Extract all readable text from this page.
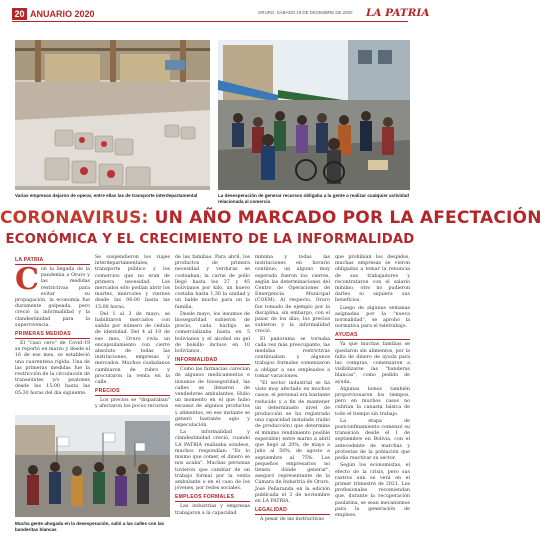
20 ANUARIO 2020	ORURO, SÁBADO 19 DE DICIEMBRE DE 2020 LA PATRIA
Varias empresas dejaron de operar, entre ellas las de transporte interdepartamental	La desesperación de generar recursos obligaba a la gente a realizar cualquier actividad relacionada al comercio
CORONAVIRUS: UN AÑO MARCADO POR LA AFECTACIÓN
ECONÓMICA Y EL CRECIMIENTO DE LA INFORMALIDAD
LA PATRIA

Con la llegada de la pandemia a Oruro y las medidas restrictivas para evitar su propagación, la economía fue duramente golpeada, pero creció la informalidad y la clandestinidad para la supervivencia.

PRIMERAS MEDIDAS

El "caso cero" de Covid-19 se reportó en marzo y desde el 16 de ese mes, se estableció una cuarentena rígida. Una de las primeras medidas fue la restricción de la circulación de transeúntes y/o peatones desde las 15:00 hasta las 05:30 horas del día siguiente.

Mucha gente ahogada en la desesperación, salió a las calles con las banderitas blancas

Se suspendieron los viajes interdepartamentales, transporte público y los comercios que no eran de primera necesidad. Los mercados sólo podían abrir los martes, miércoles y viernes desde las 06:00 hasta las 15:00 horas.

Del 1 al 3 de mayo, se habilitaron mercados con salida por número de cédula de identidad. Del 4 al 10 de ese mes, Oruro vivía un encapsulamiento con cierre absoluto de todas las instituciones, empresas y mercados. Muchos ciudadanos cambiaron de rubro y procuraron la venta en la calle.

PRECIOS

Los precios se "disparaban" y afectaron los pocos recursos

de las familias. Para abril, los productos de primera necesidad y verduras se costeaban; la carne de pollo llegó hasta los 37 y 45 bolivianos por kilo, un huevo costaba hasta 1,30 la unidad y un balde mucho para un la familia.

Desde mayo, los insumos de bioseguridad subieron de precio, cada barbijo se comercializaba hasta en 5 bolivianos y el alcohol en gel de bolsillo incluso en 10 bolivianos.

INFORMALIDAD

Como las farmacias carecían de algunos medicamentos e insumos de bioseguridad, las calles se llenaron de vendedores ambulantes. Hubo un momento en el que hubo escasez de algunos productos y alimentos, en ese instante se generó bastante agio y especulación.

La informalidad y clandestinidad creció, cuando LA PATRIA realizaba sondeos, muchos respondían: "Es lo mismo que comer, el dinero se nos acaba". Muchas personas tuvieron que cambiar de un trabajo formal por la venta ambulante o en el caso de los jóvenes, por redes sociales.

EMPLEOS FORMALES

Las industrias y empresas trabajaron a la capacidad

mínima y todas las instituciones en horario continuo, un alguno muy esperado fueron los cierres, según las determinaciones del Centro de Operaciones de Emergencia Municipal (COEM). Al respecto, Oruro fue tomado de ejemplo por la disciplina, sin embargo, con el pasar de los días, los precios subieron y la informalidad creció.

El panorama se tornaba cada vez más preocupante, las medidas restrictivas continuaban y algunos trabajos formales comenzaron a obligar a sus empleados a tomar vacaciones.

"El sector industrial se ha visto muy afectado en muchos casos, el personal era bastante reducido y a fin de mantener un determinado nivel de producción se ha registrado una capacidad instalada (radio de producción) que determina el mínimo rendimiento posible esperable) entre marzo a abril que llegó al 20%, de mayo a julio al 50%, de agosto a septiembre al 75%. Los pequeños empresarios no tienen dónde generar", aseguró representante de la Cámara de Industria de Oruro, José Peñaranda en la edición publicada el 3 de noviembre en LA PATRIA.

LEGALIDAD

A pesar de las instructivas

que prohibían los despidos, muchas empresas se vieron obligadas a tomar la renuncia de sus trabajadores y recontrataron con el salario mínimo, otro no pudieron darles ni siquiera sus beneficios.

Luego de algunas semanas asignadas por la "nueva normalidad", se aprobó la normativa para el teletrabajo.

AYUDAS

Ya que muchas familias se quedaron sin alimentos, por la falta de dinero de ayuda para las compras, comenzaron a visibilizarse las "banderas blancas", como pedido de ayuda.

Algunas bonos también proporcionaron los tiempos, pero en muchos casos no cubrían la canasta básica de todo el tiempo sin trabajo.

La etapa de postconfinamiento comenzó su transición desde el 1 de septiembre en Bolivia, con el antecedente de marchas y protestas de la población que pedía reactivar su sector.

Según los economistas, el efecto de la crisis, pero sus rastros aún se verá en el primer trimestre de 2021. Los profesionales recomiendan que, durante la recuperación paulatina, se sean mecanismos para la generación de empleos.
